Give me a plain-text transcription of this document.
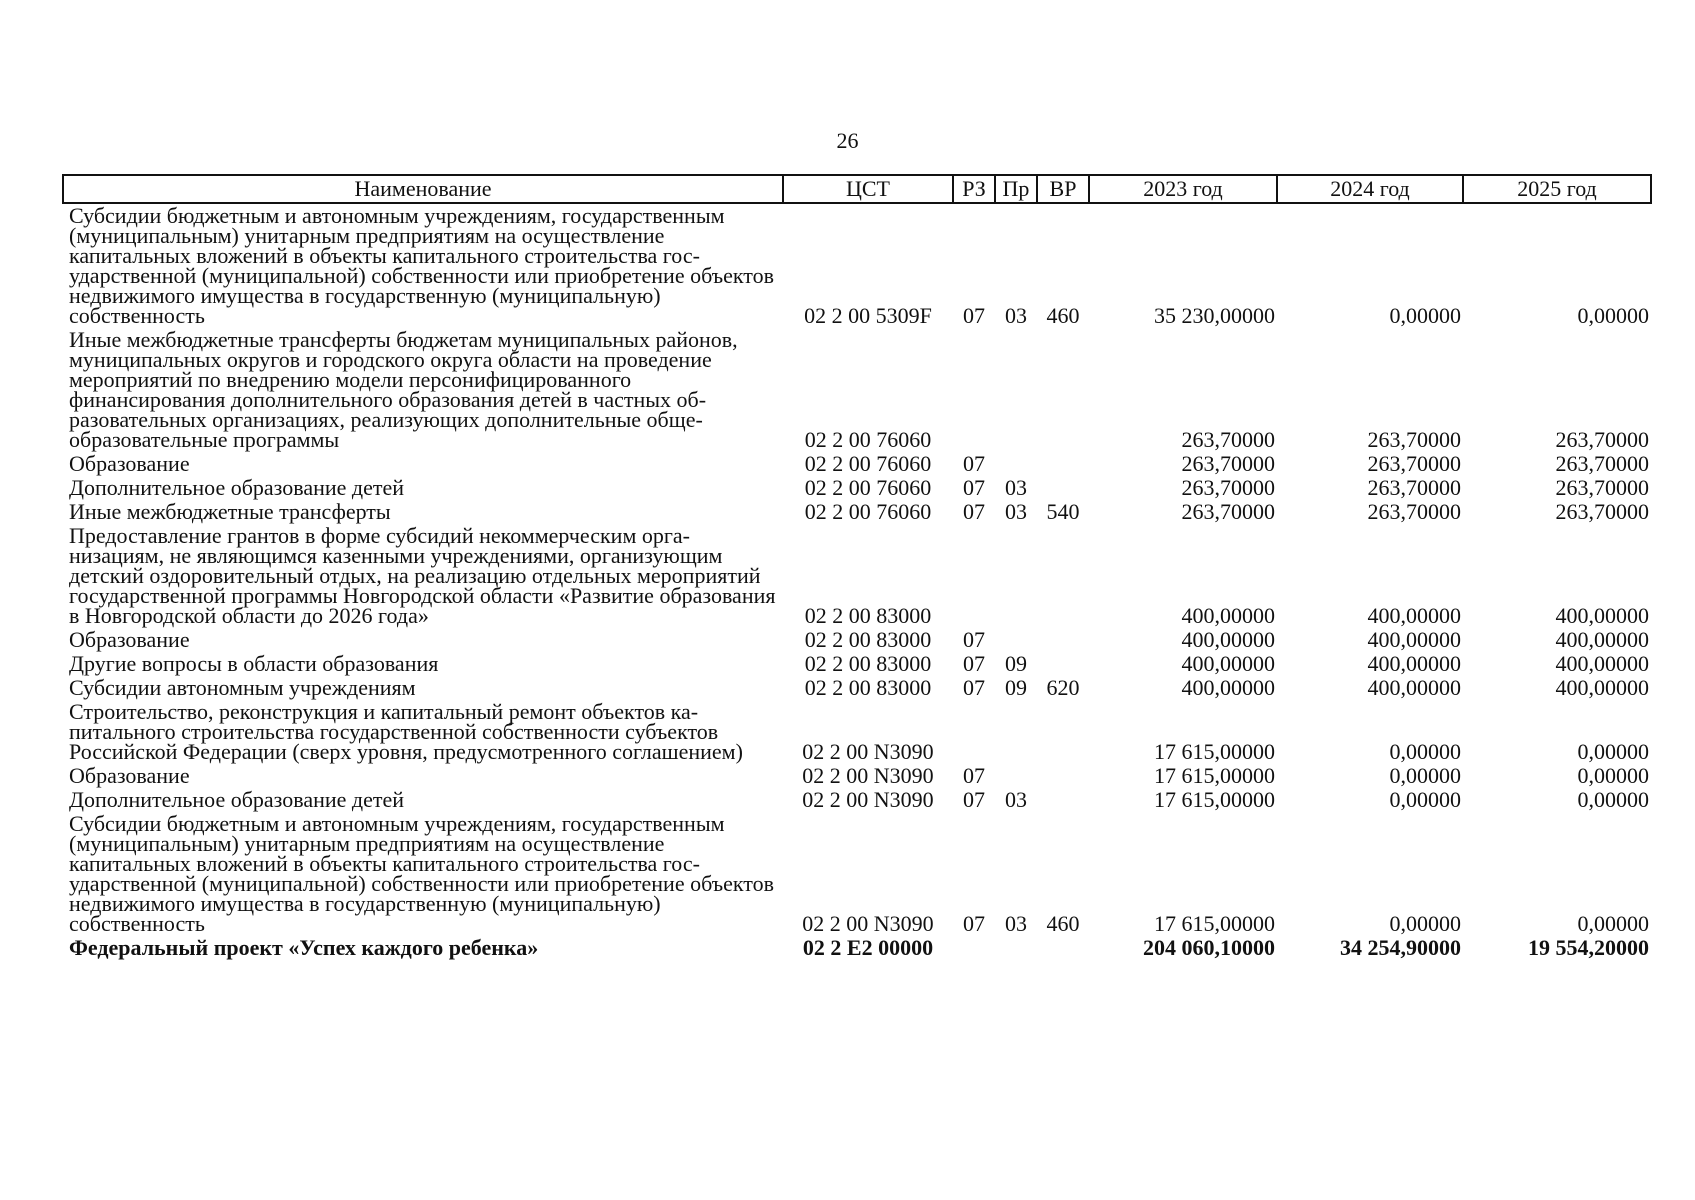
26
Наименование	ЦСТ	РЗ	Пр	ВР	2023 год	2024 год	2025 год
Субсидии бюджетным и автономным учреждениям, государственным (муниципальным) унитарным предприятиям на осуществление капитальных вложений в объекты капитального строительства государственной (муниципальной) собственности или приобретение объектов недвижимого имущества в государственную (муниципальную) собственность	02 2 00 5309F	07	03	460	35 230,00000	0,00000	0,00000
Иные межбюджетные трансферты бюджетам муниципальных районов, муниципальных округов и городского округа области на проведение мероприятий по внедрению модели персонифицированного финансирования дополнительного образования детей в частных образовательных организациях, реализующих дополнительные общеобразовательные программы	02 2 00 76060				263,70000	263,70000	263,70000
Образование	02 2 00 76060	07			263,70000	263,70000	263,70000
Дополнительное образование детей	02 2 00 76060	07	03		263,70000	263,70000	263,70000
Иные межбюджетные трансферты	02 2 00 76060	07	03	540	263,70000	263,70000	263,70000
Предоставление грантов в форме субсидий некоммерческим организациям, не являющимся казенными учреждениями, организующим детский оздоровительный отдых, на реализацию отдельных мероприятий государственной программы Новгородской области «Развитие образования в Новгородской области до 2026 года»	02 2 00 83000				400,00000	400,00000	400,00000
Образование	02 2 00 83000	07			400,00000	400,00000	400,00000
Другие вопросы в области образования	02 2 00 83000	07	09		400,00000	400,00000	400,00000
Субсидии автономным учреждениям	02 2 00 83000	07	09	620	400,00000	400,00000	400,00000
Строительство, реконструкция и капитальный ремонт объектов капитального строительства государственной собственности субъектов Российской Федерации (сверх уровня, предусмотренного соглашением)	02 2 00 N3090				17 615,00000	0,00000	0,00000
Образование	02 2 00 N3090	07			17 615,00000	0,00000	0,00000
Дополнительное образование детей	02 2 00 N3090	07	03		17 615,00000	0,00000	0,00000
Субсидии бюджетным и автономным учреждениям, государственным (муниципальным) унитарным предприятиям на осуществление капитальных вложений в объекты капитального строительства государственной (муниципальной) собственности или приобретение объектов недвижимого имущества в государственную (муниципальную) собственность	02 2 00 N3090	07	03	460	17 615,00000	0,00000	0,00000
Федеральный проект «Успех каждого ребенка»	02 2 E2 00000				204 060,10000	34 254,90000	19 554,20000
